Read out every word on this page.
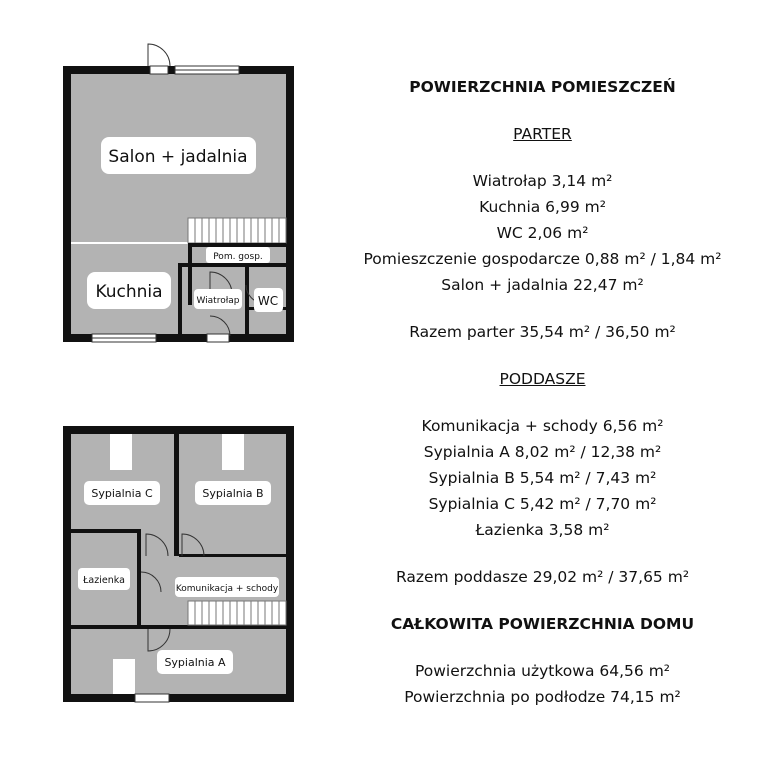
Salon + jadalnia
Kuchnia
Pom. gosp.
Wiatrołap WC
Sypialnia C	Sypialnia B
Łazienka
Komunikacja + schody
Sypialnia A
POWIERZCHNIA POMIESZCZEŃ
PARTER
Wiatrołap 3,14 m²
Kuchnia 6,99 m²
WC 2,06 m²
Pomieszczenie gospodarcze 0,88 m² / 1,84 m²
Salon + jadalnia 22,47 m²
Razem parter 35,54 m² / 36,50 m²
PODDASZE
Komunikacja + schody 6,56 m²
Sypialnia A 8,02 m² / 12,38 m²
Sypialnia B 5,54 m² / 7,43 m²
Sypialnia C 5,42 m² / 7,70 m²
Łazienka 3,58 m²
Razem poddasze 29,02 m² / 37,65 m²
CAŁKOWITA POWIERZCHNIA DOMU
Powierzchnia użytkowa 64,56 m²
Powierzchnia po podłodze 74,15 m²
